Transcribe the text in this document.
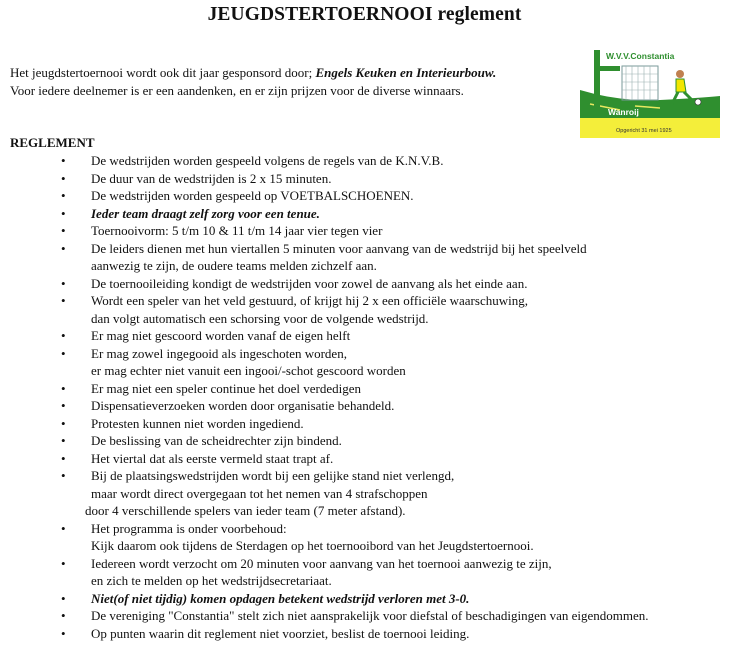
JEUGDSTERTOERNOOI reglement
Het jeugdstertoernooi wordt ook dit jaar gesponsord door; Engels Keuken en Interieurbouw.
Voor iedere deelnemer is er een aandenken, en er zijn prijzen voor de diverse winnaars.
W.V.V.Constantia
Wanroij
Opgericht 31 mei 1925
REGLEMENT
• De wedstrijden worden gespeeld volgens de regels van de K.N.V.B.
• De duur van de wedstrijden is 2 x 15 minuten.
• De wedstrijden worden gespeeld op VOETBALSCHOENEN.
• Ieder team draagt zelf zorg voor een tenue.
• Toernooivorm: 5 t/m 10 & 11 t/m 14 jaar vier tegen vier
• De leiders dienen met hun viertallen 5 minuten voor aanvang van de wedstrijd bij het speelveld
aanwezig te zijn, de oudere teams melden zichzelf aan.
• De toernooileiding kondigt de wedstrijden voor zowel de aanvang als het einde aan.
• Wordt een speler van het veld gestuurd, of krijgt hij 2 x een officiële waarschuwing,
dan volgt automatisch een schorsing voor de volgende wedstrijd.
• Er mag niet gescoord worden vanaf de eigen helft
• Er mag zowel ingegooid als ingeschoten worden,
er mag echter niet vanuit een ingooi/-schot gescoord worden
• Er mag niet een speler continue het doel verdedigen
• Dispensatieverzoeken worden door organisatie behandeld.
• Protesten kunnen niet worden ingediend.
• De beslissing van de scheidrechter zijn bindend.
• Het viertal dat als eerste vermeld staat trapt af.
• Bij de plaatsingswedstrijden wordt bij een gelijke stand niet verlengd,
maar wordt direct overgegaan tot het nemen van 4 strafschoppen
door 4 verschillende spelers van ieder team (7 meter afstand).
• Het programma is onder voorbehoud:
Kijk daarom ook tijdens de Sterdagen op het toernooibord van het Jeugdstertoernooi.
• Iedereen wordt verzocht om 20 minuten voor aanvang van het toernooi aanwezig te zijn,
en zich te melden op het wedstrijdsecretariaat.
• Niet(of niet tijdig) komen opdagen betekent wedstrijd verloren met 3-0.
• De vereniging "Constantia" stelt zich niet aansprakelijk voor diefstal of beschadigingen van eigendommen.
• Op punten waarin dit reglement niet voorziet, beslist de toernooi leiding.
